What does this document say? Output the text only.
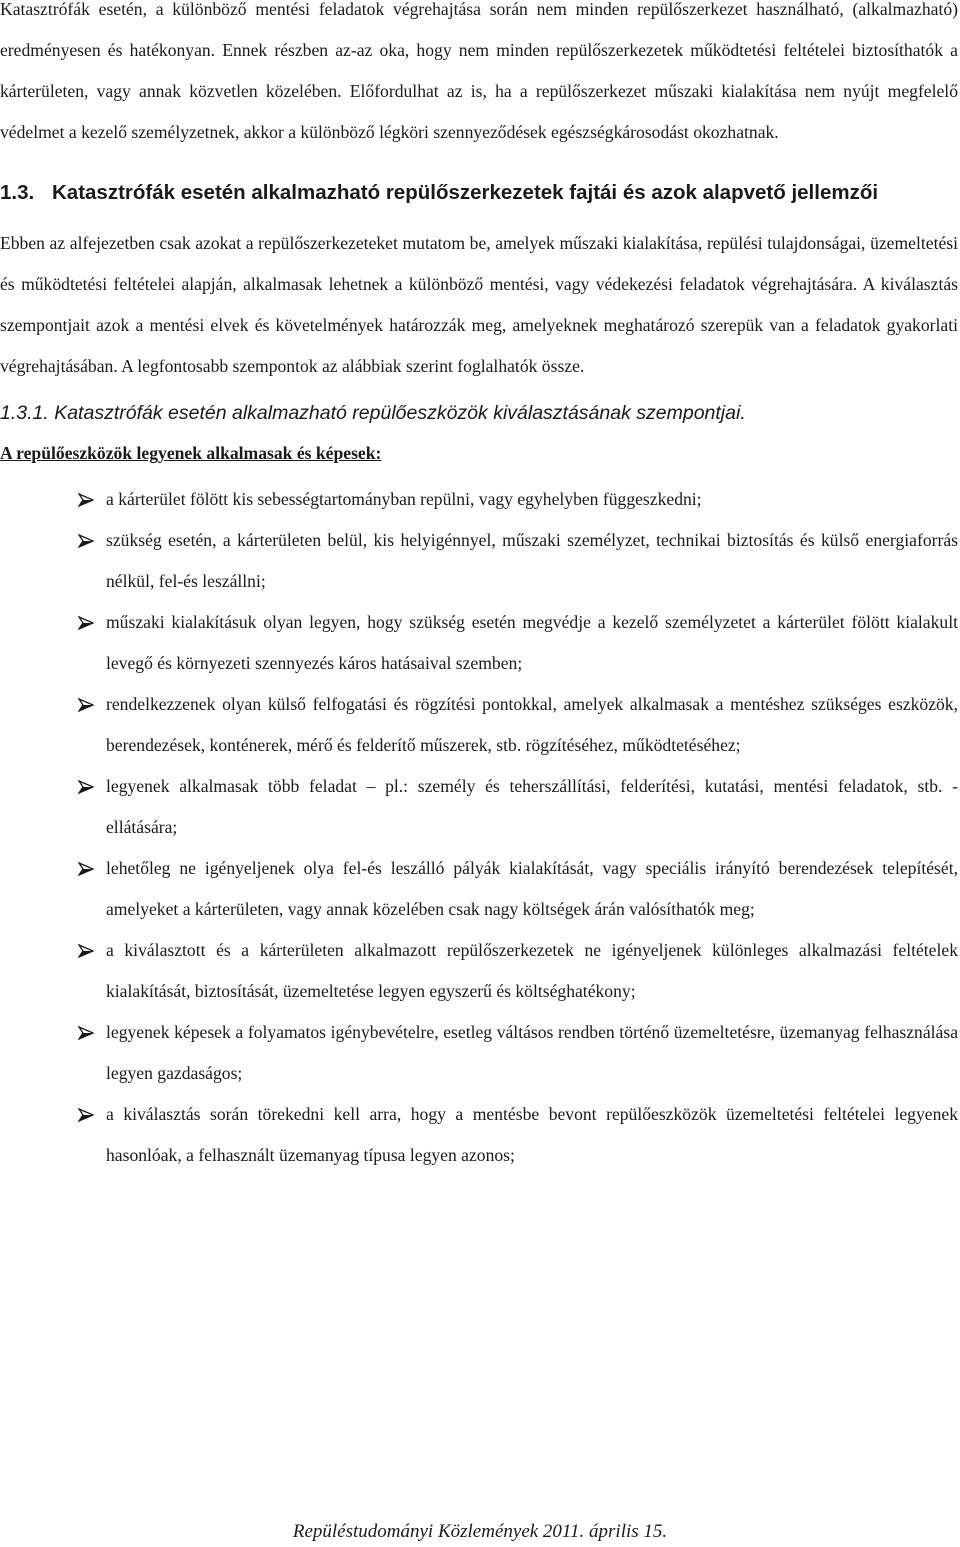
Katasztrófák esetén, a különböző mentési feladatok végrehajtása során nem minden repülőszerkezet használható, (alkalmazható) eredményesen és hatékonyan. Ennek részben az-az oka, hogy nem minden repülőszerkezetek működtetési feltételei biztosíthatók a kárterületen, vagy annak közvetlen közelében. Előfordulhat az is, ha a repülőszerkezet műszaki kialakítása nem nyújt megfelelő védelmet a kezelő személyzetnek, akkor a különböző légköri szennyeződések egészségkárosodást okozhatnak.

1.3. Katasztrófák esetén alkalmazható repülőszerkezetek fajtái és azok alapvető jellemzői

Ebben az alfejezetben csak azokat a repülőszerkezeteket mutatom be, amelyek műszaki kialakítása, repülési tulajdonságai, üzemeltetési és működtetési feltételei alapján, alkalmasak lehetnek a különböző mentési, vagy védekezési feladatok végrehajtására. A kiválasztás szempontjait azok a mentési elvek és követelmények határozzák meg, amelyeknek meghatározó szerepük van a feladatok gyakorlati végrehajtásában. A legfontosabb szempontok az alábbiak szerint foglalhatók össze.

1.3.1. Katasztrófák esetén alkalmazható repülőeszközök kiválasztásának szempontjai.
A repülőeszközök legyenek alkalmasak és képesek:
a kárterület fölött kis sebességtartományban repülni, vagy egyhelyben függeszkedni;
szükség esetén, a kárterületen belül, kis helyigénnyel, műszaki személyzet, technikai biztosítás és külső energiaforrás nélkül, fel-és leszállni;
műszaki kialakításuk olyan legyen, hogy szükség esetén megvédje a kezelő személyzetet a kárterület fölött kialakult levegő és környezeti szennyezés káros hatásaival szemben;
rendelkezzenek olyan külső felfogatási és rögzítési pontokkal, amelyek alkalmasak a mentéshez szükséges eszközök, berendezések, konténerek, mérő és felderítő műszerek, stb. rögzítéséhez, működtetéséhez;
legyenek alkalmasak több feladat – pl.: személy és teherszállítási, felderítési, kutatási, mentési feladatok, stb. - ellátására;
lehetőleg ne igényeljenek olya fel-és leszálló pályák kialakítását, vagy speciális irányító berendezések telepítését, amelyeket a kárterületen, vagy annak közelében csak nagy költségek árán valósíthatók meg;
a kiválasztott és a kárterületen alkalmazott repülőszerkezetek ne igényeljenek különleges alkalmazási feltételek kialakítását, biztosítását, üzemeltetése legyen egyszerű és költséghatékony;
legyenek képesek a folyamatos igénybevételre, esetleg váltásos rendben történő üzemeltetésre, üzemanyag felhasználása legyen gazdaságos;
a kiválasztás során törekedni kell arra, hogy a mentésbe bevont repülőeszközök üzemeltetési feltételei legyenek hasonlóak, a felhasznált üzemanyag típusa legyen azonos;
Repüléstudományi Közlemények 2011. április 15.
